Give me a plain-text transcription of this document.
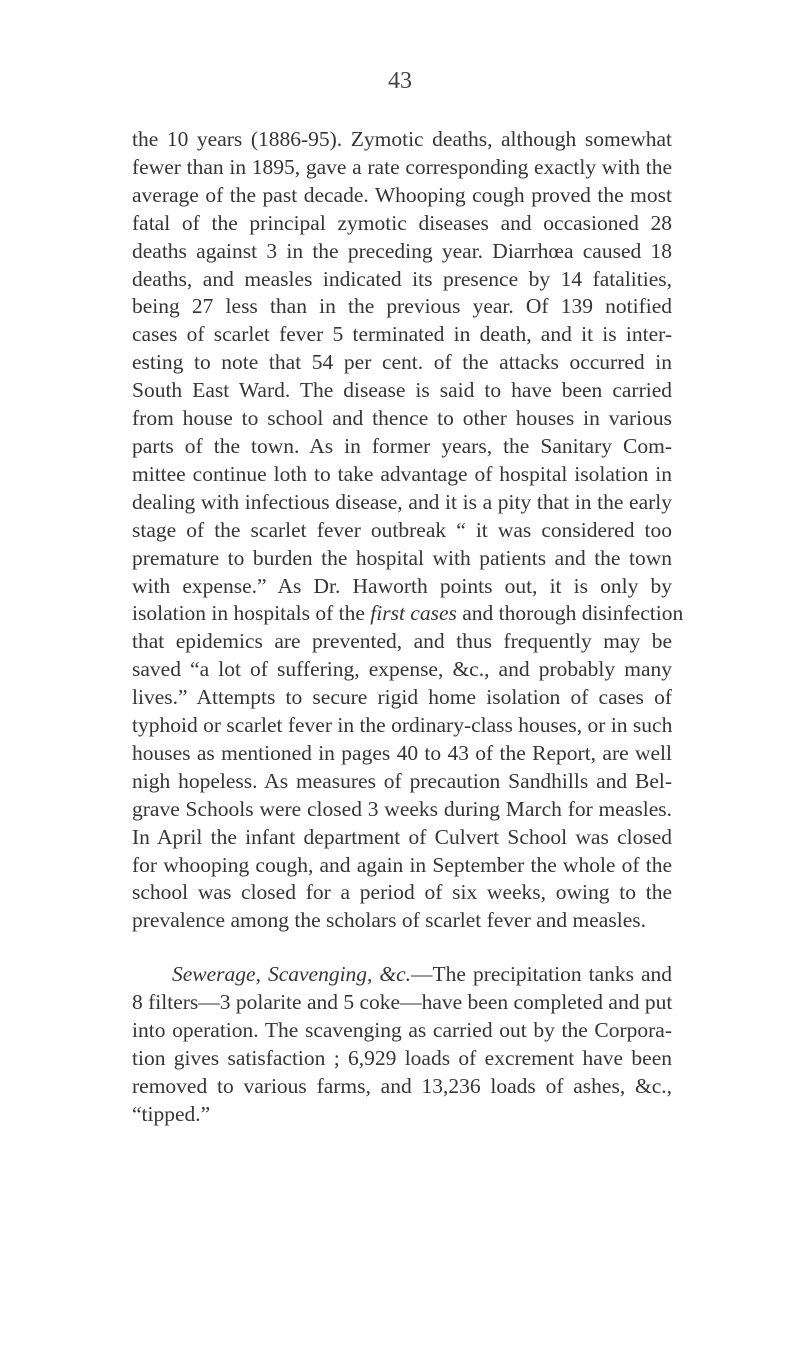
43
the 10 years (1886-95). Zymotic deaths, although somewhat
fewer than in 1895, gave a rate corresponding exactly with the
average of the past decade. Whooping cough proved the most
fatal of the principal zymotic diseases and occasioned 28
deaths against 3 in the preceding year. Diarrhœa caused 18
deaths, and measles indicated its presence by 14 fatalities,
being 27 less than in the previous year. Of 139 notified
cases of scarlet fever 5 terminated in death, and it is inter-
esting to note that 54 per cent. of the attacks occurred in
South East Ward. The disease is said to have been carried
from house to school and thence to other houses in various
parts of the town. As in former years, the Sanitary Com-
mittee continue loth to take advantage of hospital isolation in
dealing with infectious disease, and it is a pity that in the early
stage of the scarlet fever outbreak “ it was considered too
premature to burden the hospital with patients and the town
with expense.” As Dr. Haworth points out, it is only by
isolation in hospitals of the first cases and thorough disinfection
that epidemics are prevented, and thus frequently may be
saved “a lot of suffering, expense, &c., and probably many
lives.” Attempts to secure rigid home isolation of cases of
typhoid or scarlet fever in the ordinary-class houses, or in such
houses as mentioned in pages 40 to 43 of the Report, are well
nigh hopeless. As measures of precaution Sandhills and Bel-
grave Schools were closed 3 weeks during March for measles.
In April the infant department of Culvert School was closed
for whooping cough, and again in September the whole of the
school was closed for a period of six weeks, owing to the
prevalence among the scholars of scarlet fever and measles.
Sewerage, Scavenging, &c.—The precipitation tanks and
8 filters—3 polarite and 5 coke—have been completed and put
into operation. The scavenging as carried out by the Corpora-
tion gives satisfaction ; 6,929 loads of excrement have been
removed to various farms, and 13,236 loads of ashes, &c.,
“tipped.”
